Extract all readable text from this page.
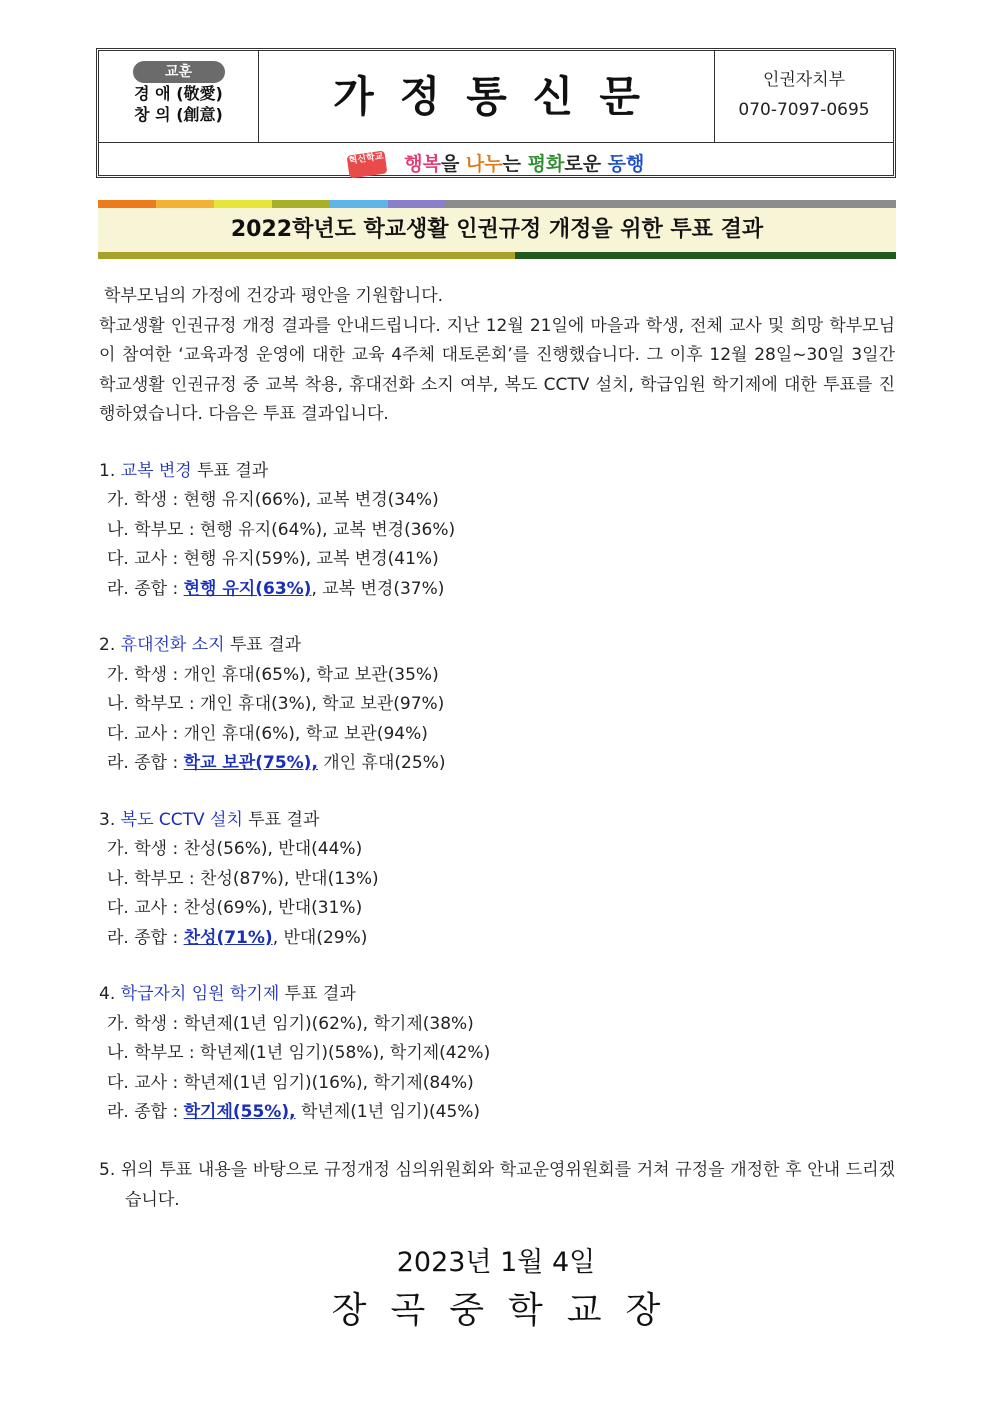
교훈
경 애 (敬愛)
창 의 (創意)	가정통신문	인권자치부
070-7097-0695
혁신학교 행복을 나누는 평화로운 동행
2022학년도 학교생활 인권규정 개정을 위한 투표 결과

학부모님의 가정에 건강과 평안을 기원합니다.

학교생활 인권규정 개정 결과를 안내드립니다. 지난 12월 21일에 마을과 학생, 전체 교사 및 희망 학부모님이 참여한 ‘교육과정 운영에 대한 교육 4주체 대토론회’를 진행했습니다. 그 이후 12월 28일~30일 3일간 학교생활 인권규정 중 교복 착용, 휴대전화 소지 여부, 복도 CCTV 설치, 학급임원 학기제에 대한 투표를 진행하였습니다. 다음은 투표 결과입니다.

1. 교복 변경 투표 결과
가. 학생 : 현행 유지(66%), 교복 변경(34%)
나. 학부모 : 현행 유지(64%), 교복 변경(36%)
다. 교사 : 현행 유지(59%), 교복 변경(41%)
라. 종합 : 현행 유지(63%), 교복 변경(37%)
2. 휴대전화 소지 투표 결과
가. 학생 : 개인 휴대(65%), 학교 보관(35%)
나. 학부모 : 개인 휴대(3%), 학교 보관(97%)
다. 교사 : 개인 휴대(6%), 학교 보관(94%)
라. 종합 : 학교 보관(75%), 개인 휴대(25%)
3. 복도 CCTV 설치 투표 결과
가. 학생 : 찬성(56%), 반대(44%)
나. 학부모 : 찬성(87%), 반대(13%)
다. 교사 : 찬성(69%), 반대(31%)
라. 종합 : 찬성(71%), 반대(29%)
4. 학급자치 임원 학기제 투표 결과
가. 학생 : 학년제(1년 임기)(62%), 학기제(38%)
나. 학부모 : 학년제(1년 임기)(58%), 학기제(42%)
다. 교사 : 학년제(1년 임기)(16%), 학기제(84%)
라. 종합 : 학기제(55%), 학년제(1년 임기)(45%)
5. 위의 투표 내용을 바탕으로 규정개정 심의위원회와 학교운영위원회를 거쳐 규정을 개정한 후 안내 드리겠습니다.
2023년 1월 4일
장곡중학교장
